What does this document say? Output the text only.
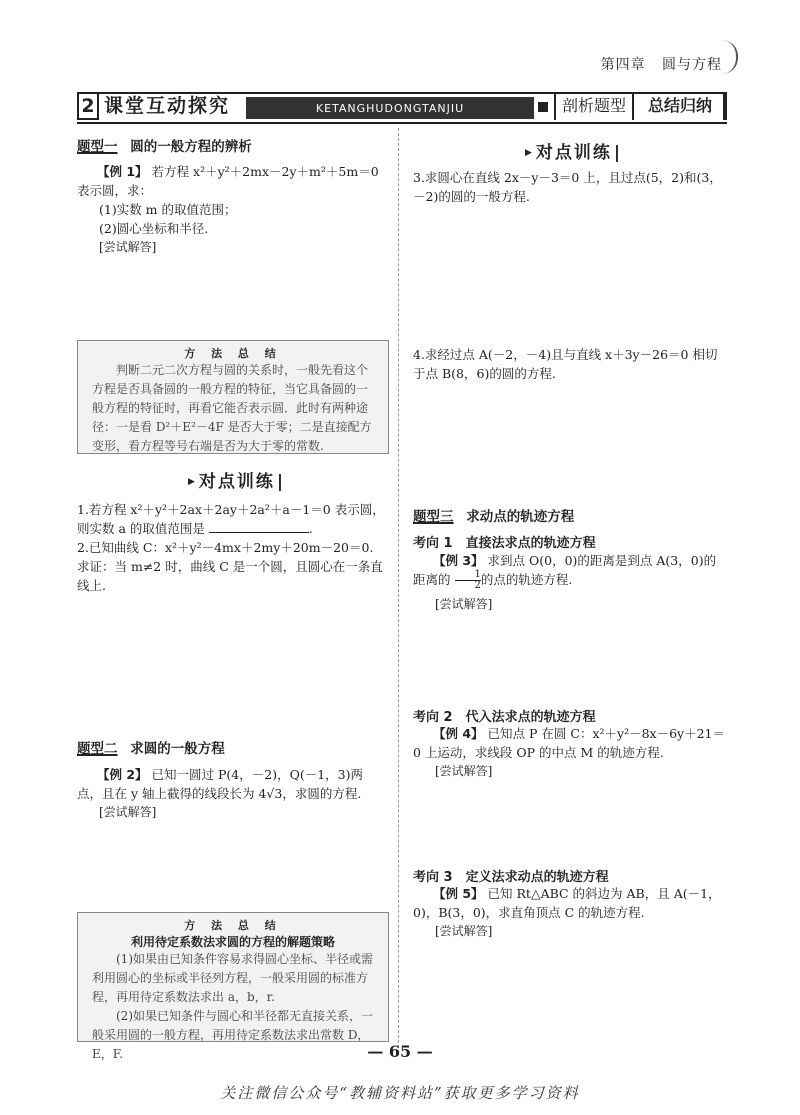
第四章 圆与方程
2 课堂互动探究	KETANGHUDONGTANJIU	剖析题型	总结归纳
题型一 圆的一般方程的辨析
【例 1】 若方程 x²＋y²＋2mx－2y＋m²＋5m＝0 表示圆，求：
(1)实数 m 的取值范围；
(2)圆心坐标和半径.
[尝试解答]
方 法 总 结
判断二元二次方程与圆的关系时，一般先看这个方程是否具备圆的一般方程的特征，当它具备圆的一般方程的特征时，再看它能否表示圆．此时有两种途径：一是看 D²＋E²－4F 是否大于零；二是直接配方变形，看方程等号右端是否为大于零的常数.
▶ 对点训练 |
1.若方程 x²＋y²＋2ax＋2ay＋2a²＋a－1＝0 表示圆，则实数 a 的取值范围是	.
2.已知曲线 C：x²＋y²－4mx＋2my＋20m－20＝0. 求证：当 m≠2 时，曲线 C 是一个圆，且圆心在一条直线上.
题型二 求圆的一般方程
【例 2】 已知一圆过 P(4，－2)，Q(－1，3)两点，且在 y 轴上截得的线段长为 4√3，求圆的方程.
[尝试解答]
方 法 总 结
利用待定系数法求圆的方程的解题策略
(1)如果由已知条件容易求得圆心坐标、半径或需利用圆心的坐标或半径列方程，一般采用圆的标准方程，再用待定系数法求出 a，b，r.
(2)如果已知条件与圆心和半径都无直接关系，一般采用圆的一般方程，再用待定系数法求出常数 D，E，F.
▶ 对点训练 |
3.求圆心在直线 2x－y－3＝0 上，且过点(5，2)和(3，－2)的圆的一般方程.
4.求经过点 A(－2，－4)且与直线 x＋3y－26＝0 相切于点 B(8，6)的圆的方程.
题型三 求动点的轨迹方程
考向 1　直接法求点的轨迹方程
【例 3】 求到点 O(0，0)的距离是到点 A(3，0)的距离的 $\frac{1}{2}$ 的点的轨迹方程.
[尝试解答]
考向 2　代入法求点的轨迹方程
【例 4】 已知点 P 在圆 C：x²＋y²－8x－6y＋21＝0 上运动，求线段 OP 的中点 M 的轨迹方程.
[尝试解答]
考向 3　定义法求动点的轨迹方程
【例 5】 已知 Rt△ABC 的斜边为 AB，且 A(－1，0)，B(3，0)，求直角顶点 C 的轨迹方程.
[尝试解答]
— 65 —
关注微信公众号“教辅资料站”获取更多学习资料
